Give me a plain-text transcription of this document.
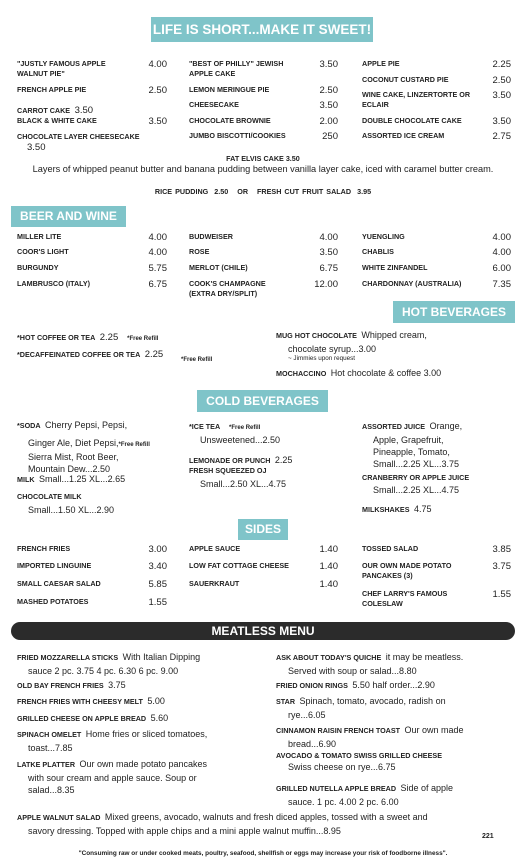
LIFE IS SHORT...MAKE IT SWEET!
"JUSTLY FAMOUS APPLE WALNUT PIE"
4.00
FRENCH APPLE PIE	2.50
CARROT CAKE 3.50
BLACK & WHITE CAKE	3.50
CHOCOLATE LAYER CHEESECAKE
3.50
"BEST OF PHILLY" JEWISH APPLE CAKE
3.50
LEMON MERINGUE PIE	2.50
CHEESECAKE	3.50
CHOCOLATE BROWNIE	2.00
JUMBO BISCOTTI/COOKIES	250
APPLE PIE	2.25
COCONUT CUSTARD PIE	2.50
WINE CAKE, LINZERTORTE OR ECLAIR
3.50
DOUBLE CHOCOLATE CAKE	3.50
ASSORTED ICE CREAM	2.75
FAT ELVIS CAKE 3.50
Layers of whipped peanut butter and banana pudding between vanilla layer cake, iced with caramel butter cream.
RICE PUDDING 2.50 OR FRESH CUT FRUIT SALAD 3.95
BEER AND WINE
MILLER LITE	4.00
COOR'S LIGHT	4.00
BURGUNDY	5.75
LAMBRUSCO (ITALY)	6.75
BUDWEISER	4.00
ROSE	3.50
MERLOT (CHILE)	6.75
COOK'S CHAMPAGNE (EXTRA DRY/SPLIT)
12.00
YUENGLING	4.00
CHABLIS	4.00
WHITE ZINFANDEL	6.00
CHARDONNAY (AUSTRALIA)	7.35
HOT BEVERAGES
*HOT COFFEE OR TEA 2.25 *Free Refill
*DECAFFEINATED COFFEE OR TEA 2.25	*Free Refill
MUG HOT CHOCOLATE Whipped cream,
chocolate syrup...3.00
~ Jimmies upon request
MOCHACCINO Hot chocolate & coffee 3.00
COLD BEVERAGES
*SODA Cherry Pepsi, Pepsi,
Ginger Ale, Diet Pepsi,*Free Refill
Sierra Mist, Root Beer,
Mountain Dew...2.50
MILK Small...1.25 XL...2.65
CHOCOLATE MILK
Small...1.50 XL...2.90
*ICE TEA *Free Refill
Unsweetened...2.50
LEMONADE OR PUNCH 2.25
FRESH SQUEEZED OJ
Small...2.50 XL...4.75
ASSORTED JUICE Orange,
Apple, Grapefruit,
Pineapple, Tomato,
Small...2.25 XL...3.75
CRANBERRY OR APPLE JUICE
Small...2.25 XL...4.75
MILKSHAKES 4.75
SIDES
FRENCH FRIES	3.00
IMPORTED LINGUINE	3.40
SMALL CAESAR SALAD	5.85
MASHED POTATOES	1.55
APPLE SAUCE	1.40
LOW FAT COTTAGE CHEESE	1.40
SAUERKRAUT	1.40
TOSSED SALAD	3.85
OUR OWN MADE POTATO PANCAKES (3)
3.75
CHEF LARRY'S FAMOUS COLESLAW
1.55
MEATLESS MENU
FRIED MOZZARELLA STICKS With Italian Dipping
sauce 2 pc. 3.75 4 pc. 6.30 6 pc. 9.00
OLD BAY FRENCH FRIES 3.75
FRENCH FRIES WITH CHEESY MELT 5.00
GRILLED CHEESE ON APPLE BREAD 5.60
SPINACH OMELET Home fries or sliced tomatoes,
toast...7.85
LATKE PLATTER Our own made potato pancakes
with sour cream and apple sauce. Soup or
salad...8.35
ASK ABOUT TODAY'S QUICHE it may be meatless.
Served with soup or salad...8.80
FRIED ONION RINGS 5.50 half order...2.90
STAR Spinach, tomato, avocado, radish on
rye...6.05
CINNAMON RAISIN FRENCH TOAST Our own made
bread...6.90
AVOCADO & TOMATO SWISS GRILLED CHEESE
Swiss cheese on rye...6.75
GRILLED NUTELLA APPLE BREAD Side of apple
sauce. 1 pc. 4.00 2 pc. 6.00
APPLE WALNUT SALAD Mixed greens, avocado, walnuts and fresh diced apples, tossed with a sweet and
savory dressing. Topped with apple chips and a mini apple walnut muffin...8.95
221
"Consuming raw or under cooked meats, poultry, seafood, shellfish or eggs may increase your risk of foodborne illness".
